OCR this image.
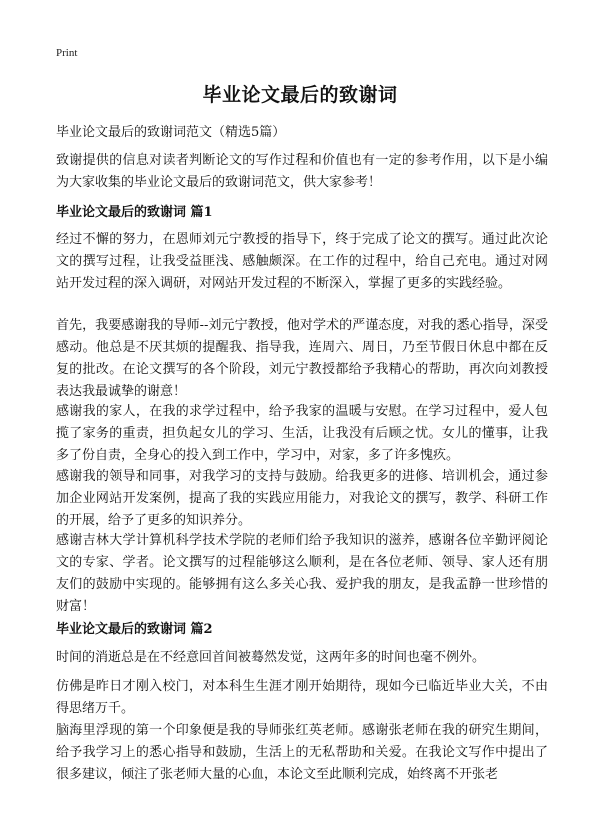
Print
毕业论文最后的致谢词

毕业论文最后的致谢词范文（精选5篇）

致谢提供的信息对读者判断论文的写作过程和价值也有一定的参考作用，以下是小编为大家收集的毕业论文最后的致谢词范文，供大家参考！

毕业论文最后的致谢词 篇1

经过不懈的努力，在恩师刘元宁教授的指导下，终于完成了论文的撰写。通过此次论文的撰写过程，让我受益匪浅、感触颇深。在工作的过程中，给自己充电。通过对网站开发过程的深入调研，对网站开发过程的不断深入，掌握了更多的实践经验。

首先，我要感谢我的导师--刘元宁教授，他对学术的严谨态度，对我的悉心指导，深受感动。他总是不厌其烦的提醒我、指导我，连周六、周日，乃至节假日休息中都在反复的批改。在论文撰写的各个阶段，刘元宁教授都给予我精心的帮助，再次向刘教授表达我最诚挚的谢意！

感谢我的家人，在我的求学过程中，给予我家的温暖与安慰。在学习过程中，爱人包揽了家务的重责，担负起女儿的学习、生活，让我没有后顾之忧。女儿的懂事，让我多了份自责，全身心的投入到工作中，学习中，对家，多了许多愧疚。

感谢我的领导和同事，对我学习的支持与鼓励。给我更多的进修、培训机会，通过参加企业网站开发案例，提高了我的实践应用能力，对我论文的撰写，教学、科研工作的开展，给予了更多的知识养分。

感谢吉林大学计算机科学技术学院的老师们给予我知识的滋养，感谢各位辛勤评阅论文的专家、学者。论文撰写的过程能够这么顺利，是在各位老师、领导、家人还有朋友们的鼓励中实现的。能够拥有这么多关心我、爱护我的朋友，是我孟静一世珍惜的财富！

毕业论文最后的致谢词 篇2

时间的消逝总是在不经意回首间被蓦然发觉，这两年多的时间也毫不例外。

仿佛是昨日才刚入校门，对本科生生涯才刚开始期待，现如今已临近毕业大关，不由得思绪万千。

脑海里浮现的第一个印象便是我的导师张红英老师。感谢张老师在我的研究生期间，给予我学习上的悉心指导和鼓励，生活上的无私帮助和关爱。在我论文写作中提出了很多建议，倾注了张老师大量的心血，本论文至此顺利完成，始终离不开张老
